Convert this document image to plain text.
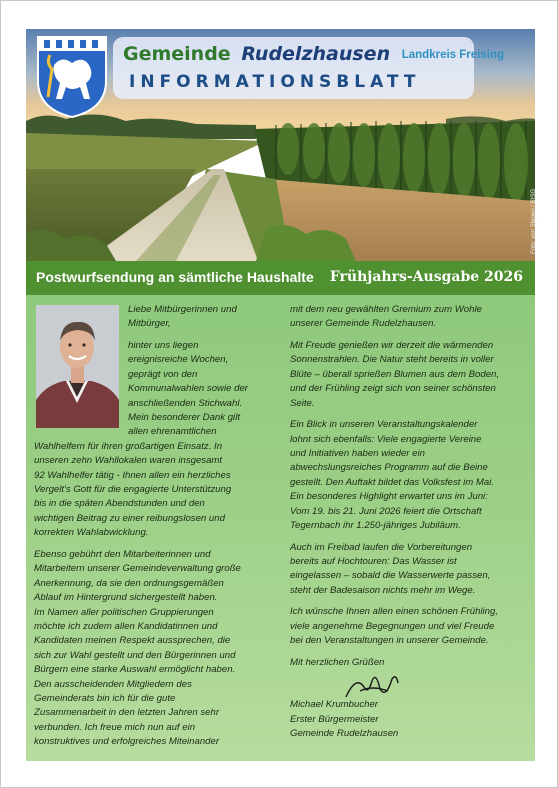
Gemeinde Rudelzhausen Landkreis Freising
INFORMATIONSBLATT
Foto: von Stegen / BISG
Postwurfsendung an sämtliche Haushalte Frühjahrs-Ausgabe 2026

Liebe Mitbürgerinnen und
Mitbürger,

hinter uns liegen
ereignisreiche Wochen,
geprägt von den
Kommunalwahlen sowie der
anschließenden Stichwahl.
Mein besonderer Dank gilt
allen ehrenamtlichen
Wahlhelfern für ihren großartigen Einsatz. In
unseren zehn Wahllokalen waren insgesamt
92 Wahlhelfer tätig - Ihnen allen ein herzliches
Vergelt's Gott für die engagierte Unterstützung
bis in die späten Abendstunden und den
wichtigen Beitrag zu einer reibungslosen und
korrekten Wahlabwicklung.

Ebenso gebührt den Mitarbeiterinnen und
Mitarbeitern unserer Gemeindeverwaltung große
Anerkennung, da sie den ordnungsgemäßen
Ablauf im Hintergrund sichergestellt haben.
Im Namen aller politischen Gruppierungen
möchte ich zudem allen Kandidatinnen und
Kandidaten meinen Respekt aussprechen, die
sich zur Wahl gestellt und den Bürgerinnen und
Bürgern eine starke Auswahl ermöglicht haben.
Den ausscheidenden Mitgliedern des
Gemeinderats bin ich für die gute
Zusammenarbeit in den letzten Jahren sehr
verbunden. Ich freue mich nun auf ein
konstruktives und erfolgreiches Miteinander

mit dem neu gewählten Gremium zum Wohle
unserer Gemeinde Rudelzhausen.

Mit Freude genießen wir derzeit die wärmenden
Sonnenstrahlen. Die Natur steht bereits in voller
Blüte – überall sprießen Blumen aus dem Boden,
und der Frühling zeigt sich von seiner schönsten
Seite.

Ein Blick in unseren Veranstaltungskalender
lohnt sich ebenfalls: Viele engagierte Vereine
und Initiativen haben wieder ein
abwechslungsreiches Programm auf die Beine
gestellt. Den Auftakt bildet das Volksfest im Mai.
Ein besonderes Highlight erwartet uns im Juni:
Vom 19. bis 21. Juni 2026 feiert die Ortschaft
Tegernbach ihr 1.250-jähriges Jubiläum.

Auch im Freibad laufen die Vorbereitungen
bereits auf Hochtouren: Das Wasser ist
eingelassen – sobald die Wasserwerte passen,
steht der Badesaison nichts mehr im Wege.

Ich wünsche Ihnen allen einen schönen Frühling,
viele angenehme Begegnungen und viel Freude
bei den Veranstaltungen in unserer Gemeinde.

Mit herzlichen Grüßen

Michael Krumbucher
Erster Bürgermeister
Gemeinde Rudelzhausen
